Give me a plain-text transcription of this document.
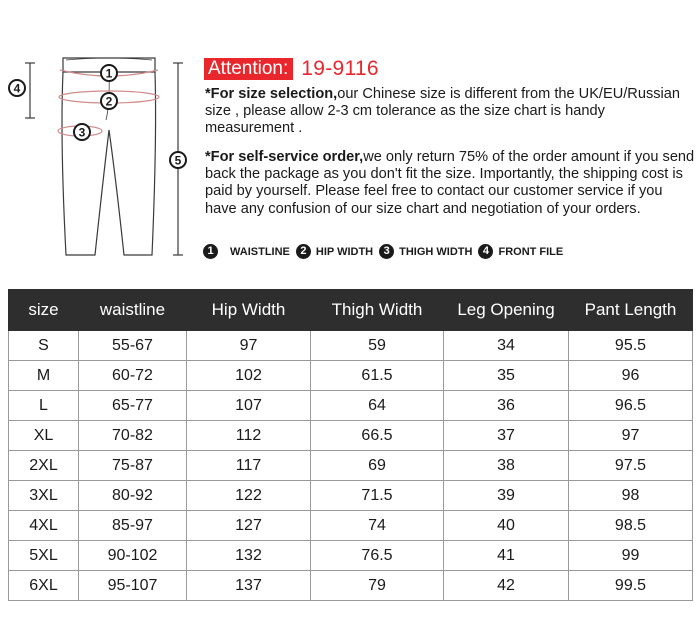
1
2
3
4
5
Attention: 19-9116
*For size selection,our Chinese size is different from the UK/EU/Russian size , please allow 2-3 cm tolerance as the size chart is handy measurement .
*For self-service order,we only return 75% of the order amount if you send back the package as you don't fit the size. Importantly, the shipping cost is paid by yourself. Please feel free to contact our customer service if you have any confusion of our size chart and negotiation of your orders.
1	WAISTLINE 2 HIP WIDTH 3 THIGH WIDTH 4 FRONT FILE
size	waistline	Hip Width	Thigh Width	Leg Opening	Pant Length
S	55-67	97	59	34	95.5
M	60-72	102	61.5	35	96
L	65-77	107	64	36	96.5
XL	70-82	112	66.5	37	97
2XL	75-87	117	69	38	97.5
3XL	80-92	122	71.5	39	98
4XL	85-97	127	74	40	98.5
5XL	90-102	132	76.5	41	99
6XL	95-107	137	79	42	99.5
